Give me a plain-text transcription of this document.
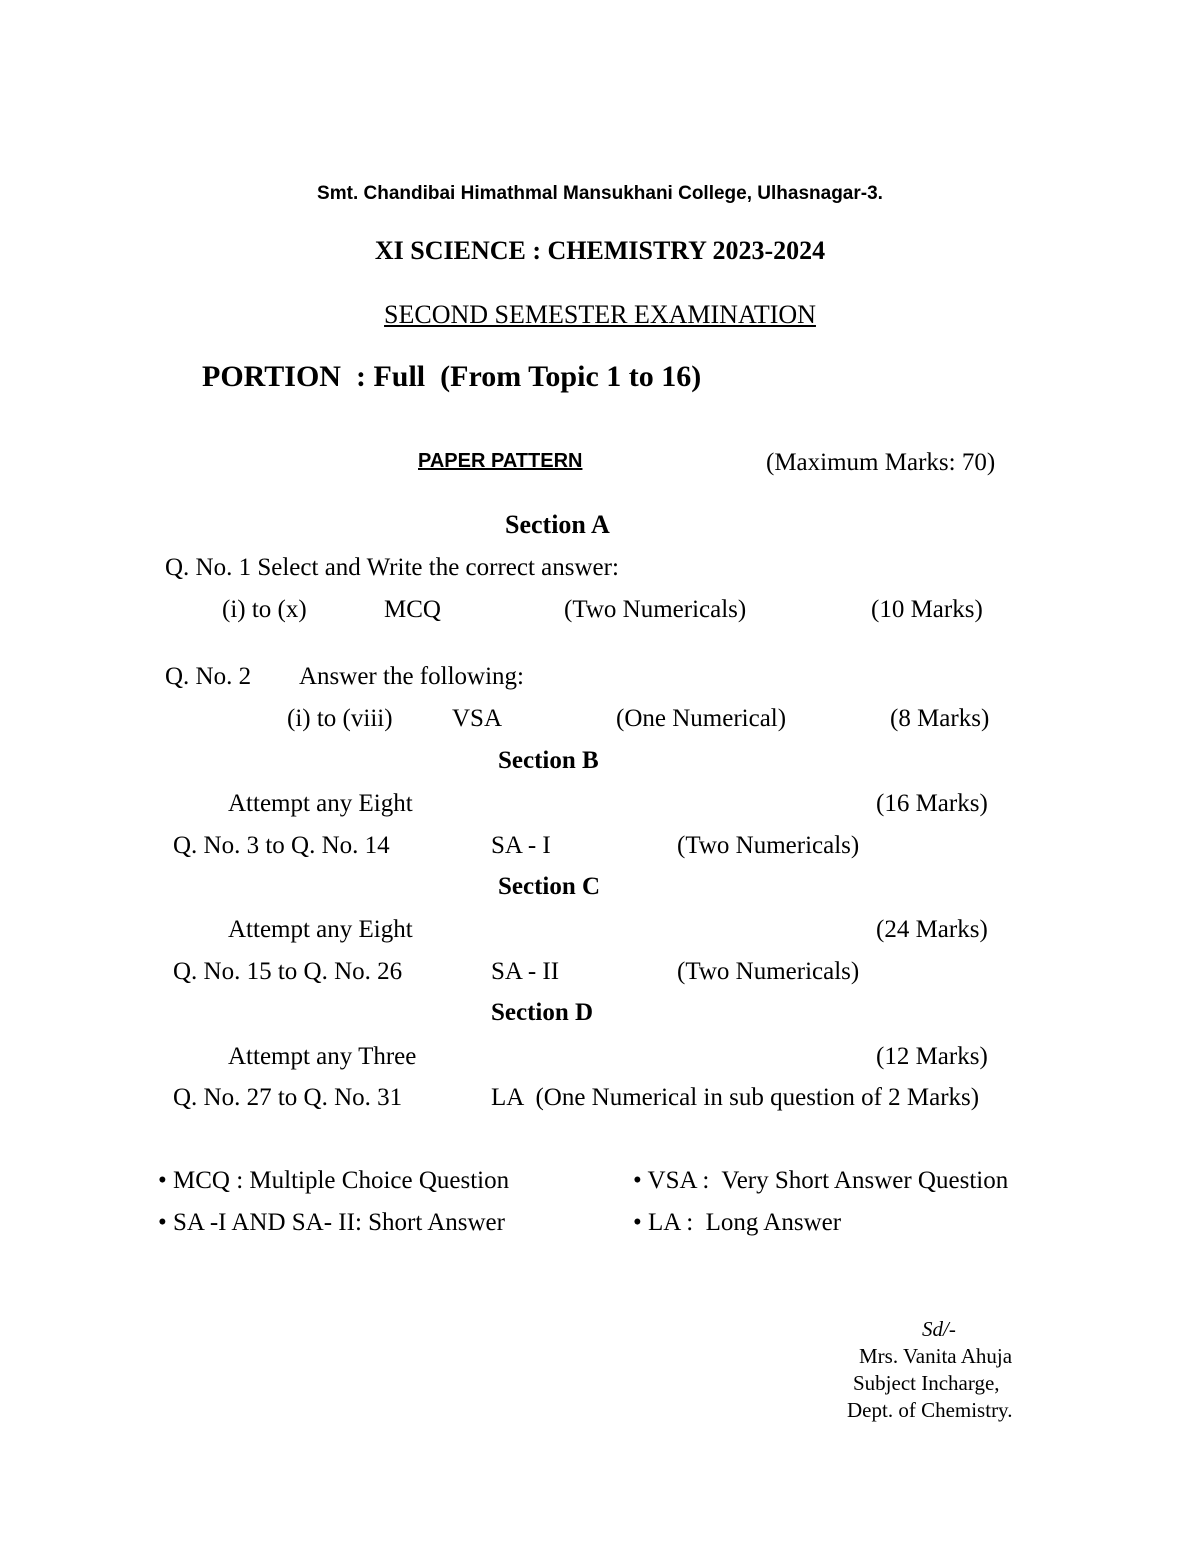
Smt. Chandibai Himathmal Mansukhani College, Ulhasnagar-3.
XI SCIENCE : CHEMISTRY 2023-2024
SECOND SEMESTER EXAMINATION
PORTION  : Full  (From Topic 1 to 16)
PAPER PATTERN	(Maximum Marks: 70)
Section A
Q. No. 1 Select and Write the correct answer:
(i) to (x)	MCQ	(Two Numericals)	(10 Marks)
Q. No. 2 Answer the following:
(i) to (viii) VSA	(One Numerical)	(8 Marks)
Section B
Attempt any Eight	(16 Marks)
Q. No. 3 to Q. No. 14	SA - I	(Two Numericals)
Section C
Attempt any Eight	(24 Marks)
Q. No. 15 to Q. No. 26	SA - II	(Two Numericals)
Section D
Attempt any Three	(12 Marks)
Q. No. 27 to Q. No. 31	LA  (One Numerical in sub question of 2 Marks)
• MCQ : Multiple Choice Question	• VSA :  Very Short Answer Question
• SA -I AND SA- II: Short Answer	• LA :  Long Answer
Sd/-
Mrs. Vanita Ahuja
Subject Incharge,
Dept. of Chemistry.
